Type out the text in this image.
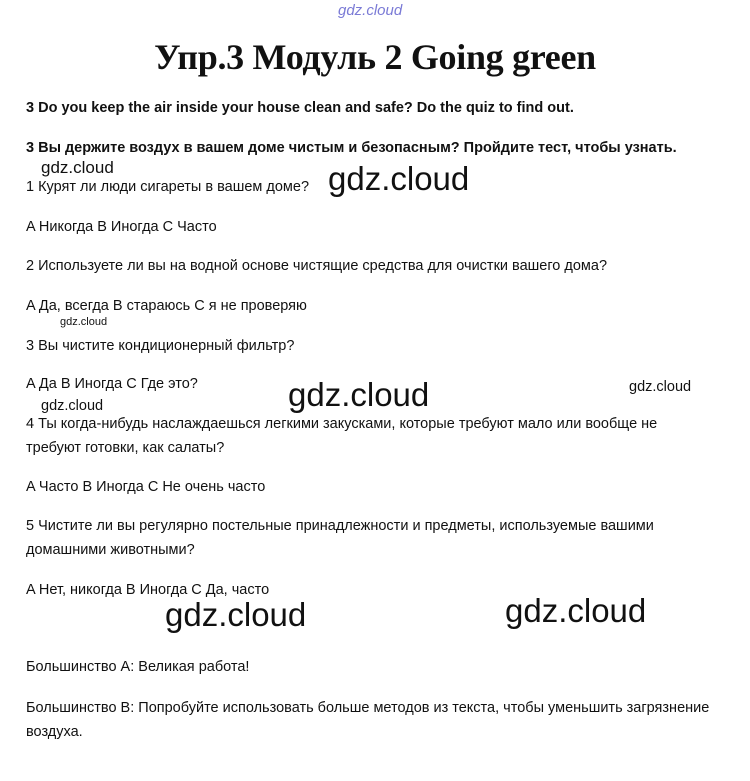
gdz.cloud
Упр.3 Модуль 2 Going green
3 Do you keep the air inside your house clean and safe? Do the quiz to find out.
3 Вы держите воздух в вашем доме чистым и безопасным? Пройдите тест, чтобы узнать.
1 Курят ли люди сигареты в вашем доме?
A Никогда B Иногда C Часто
2 Используете ли вы на водной основе чистящие средства для очистки вашего дома?
A Да, всегда B стараюсь C я не проверяю
3 Вы чистите кондиционерный фильтр?
A Да B Иногда C Где это?
4 Ты когда-нибудь наслаждаешься легкими закусками, которые требуют мало или вообще не требуют готовки, как салаты?
A Часто B Иногда C Не очень часто
5 Чистите ли вы регулярно постельные принадлежности и предметы, используемые вашими домашними животными?
A Нет, никогда B Иногда C Да, часто
Большинство A: Великая работа!
Большинство B: Попробуйте использовать больше методов из текста, чтобы уменьшить загрязнение воздуха.
gdz.cloud	gdz.cloud
gdz.cloud
gdz.cloud	gdz.cloud
gdz.cloud
gdz.cloud	gdz.cloud
